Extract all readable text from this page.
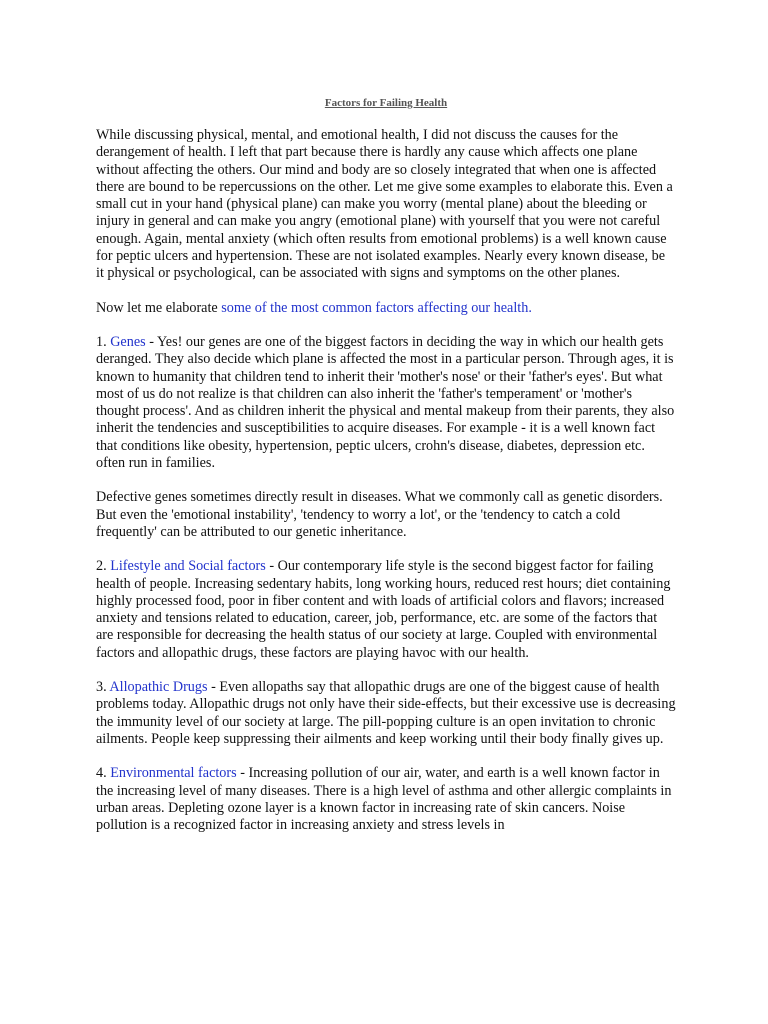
Factors for Failing Health

While discussing physical, mental, and emotional health, I did not discuss the causes for the derangement of health. I left that part because there is hardly any cause which affects one plane without affecting the others. Our mind and body are so closely integrated that when one is affected there are bound to be repercussions on the other. Let me give some examples to elaborate this. Even a small cut in your hand (physical plane) can make you worry (mental plane) about the bleeding or injury in general and can make you angry (emotional plane) with yourself that you were not careful enough. Again, mental anxiety (which often results from emotional problems) is a well known cause for peptic ulcers and hypertension. These are not isolated examples. Nearly every known disease, be it physical or psychological, can be associated with signs and symptoms on the other planes.

Now let me elaborate some of the most common factors affecting our health.

1. Genes - Yes! our genes are one of the biggest factors in deciding the way in which our health gets deranged. They also decide which plane is affected the most in a particular person. Through ages, it is known to humanity that children tend to inherit their 'mother's nose' or their 'father's eyes'. But what most of us do not realize is that children can also inherit the 'father's temperament' or 'mother's thought process'. And as children inherit the physical and mental makeup from their parents, they also inherit the tendencies and susceptibilities to acquire diseases. For example - it is a well known fact that conditions like obesity, hypertension, peptic ulcers, crohn's disease, diabetes, depression etc. often run in families.

Defective genes sometimes directly result in diseases. What we commonly call as genetic disorders. But even the 'emotional instability', 'tendency to worry a lot', or the 'tendency to catch a cold frequently' can be attributed to our genetic inheritance.

2. Lifestyle and Social factors - Our contemporary life style is the second biggest factor for failing health of people. Increasing sedentary habits, long working hours, reduced rest hours; diet containing highly processed food, poor in fiber content and with loads of artificial colors and flavors; increased anxiety and tensions related to education, career, job, performance, etc. are some of the factors that are responsible for decreasing the health status of our society at large. Coupled with environmental factors and allopathic drugs, these factors are playing havoc with our health.

3. Allopathic Drugs - Even allopaths say that allopathic drugs are one of the biggest cause of health problems today. Allopathic drugs not only have their side-effects, but their excessive use is decreasing the immunity level of our society at large. The pill-popping culture is an open invitation to chronic ailments. People keep suppressing their ailments and keep working until their body finally gives up.

4. Environmental factors - Increasing pollution of our air, water, and earth is a well known factor in the increasing level of many diseases. There is a high level of asthma and other allergic complaints in urban areas. Depleting ozone layer is a known factor in increasing rate of skin cancers. Noise pollution is a recognized factor in increasing anxiety and stress levels in
